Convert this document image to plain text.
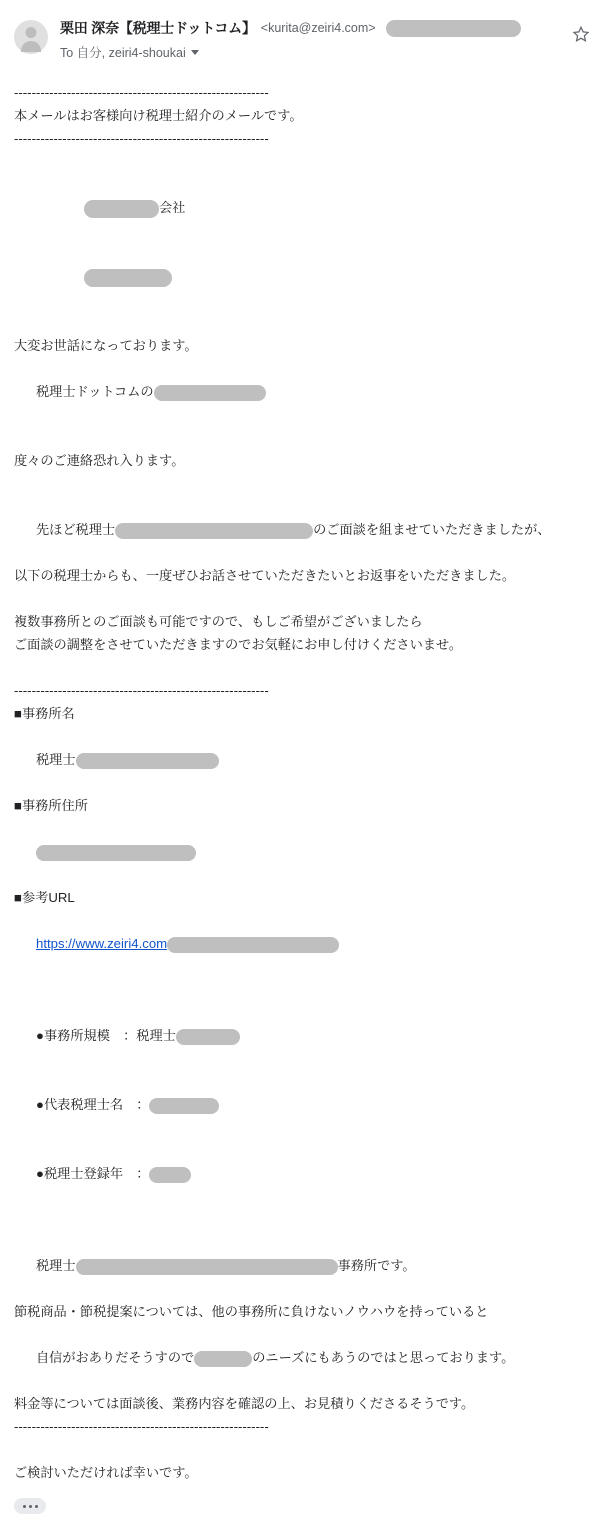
栗田 深奈【税理士ドットコム】 <kurita@zeiri4.com>
To 自分, zeiri4-shoukai
----------------------------------------------------------
本メールはお客様向け税理士紹介のメールです。
----------------------------------------------------------

会社

大変お世話になっております。

税理士ドットコムの

度々のご連絡恐れ入ります。

先ほど税理士	のご面談を組ませていただきましたが、

以下の税理士からも、一度ぜひお話させていただきたいとお返事をいただきました。
複数事務所とのご面談も可能ですので、もしご希望がございましたら
ご面談の調整をさせていただきますのでお気軽にお申し付けくださいませ。
----------------------------------------------------------
■事務所名

税理士

■事務所住所

■参考URL

https://www.zeiri4.com

●事務所規模　：税理士

●代表税理士名　：

●税理士登録年　：

税理士	事務所です。

節税商品・節税提案については、他の事務所に負けないノウハウを持っていると

自信がおありだそうすので	のニーズにもあうのではと思っております。

料金等については面談後、業務内容を確認の上、お見積りくださるそうです。
----------------------------------------------------------
ご検討いただければ幸いです。
